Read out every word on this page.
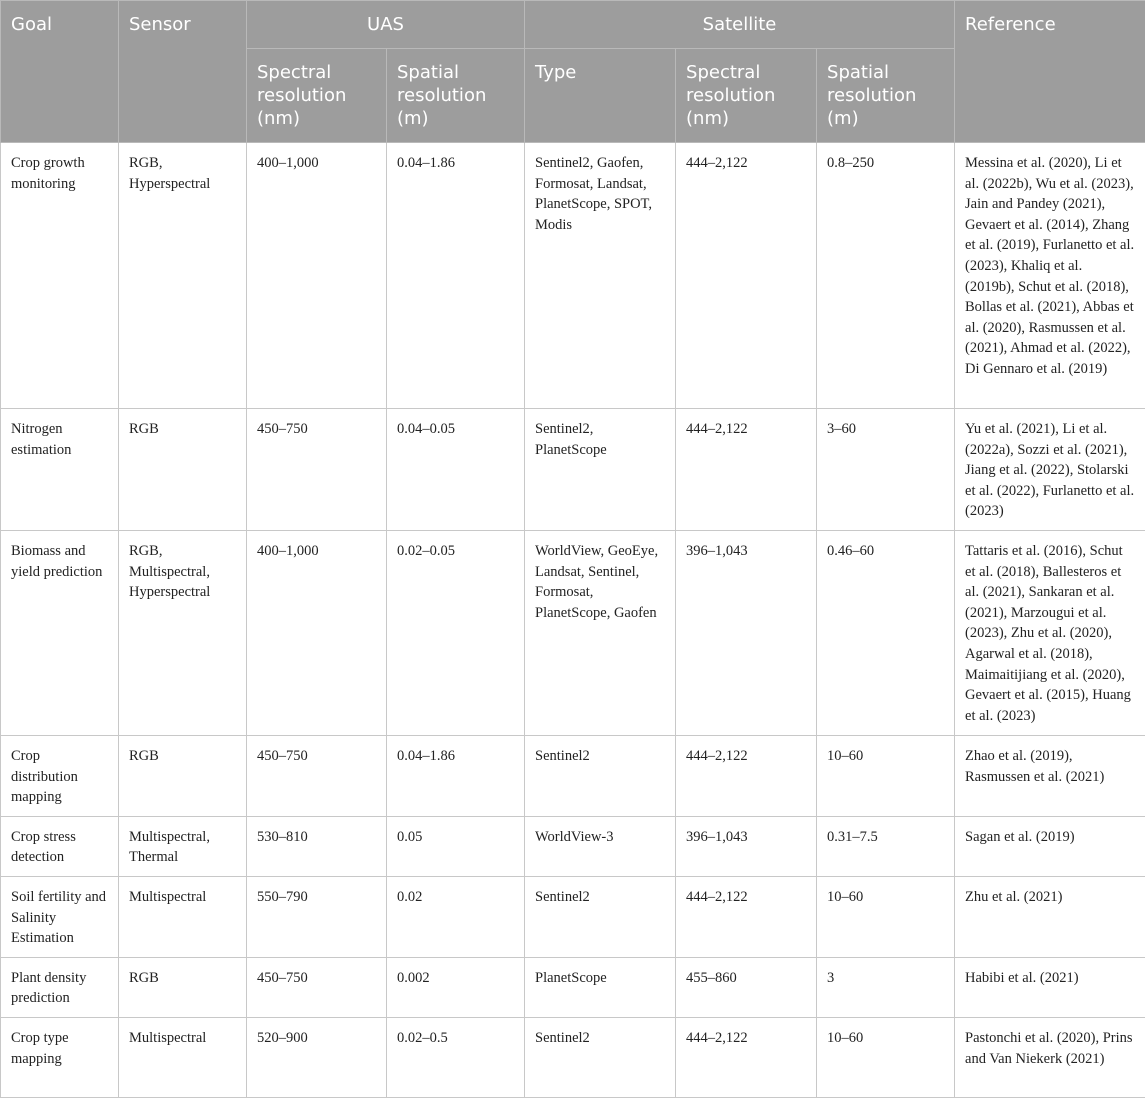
Goal	Sensor	UAS		Satellite			Reference
		Spectral resolution (nm)	Spatial resolution (m)	Type	Spectral resolution (nm)	Spatial resolution (m)	
Crop growth monitoring	RGB, Hyperspectral	400–1,000	0.04–1.86	Sentinel2, Gaofen, Formosat, Landsat, PlanetScope, SPOT, Modis	444–2,122	0.8–250	Messina et al. (2020), Li et al. (2022b), Wu et al. (2023), Jain and Pandey (2021), Gevaert et al. (2014), Zhang et al. (2019), Furlanetto et al. (2023), Khaliq et al. (2019b), Schut et al. (2018), Bollas et al. (2021), Abbas et al. (2020), Rasmussen et al. (2021), Ahmad et al. (2022), Di Gennaro et al. (2019)
Nitrogen estimation	RGB	450–750	0.04–0.05	Sentinel2, PlanetScope	444–2,122	3–60	Yu et al. (2021), Li et al. (2022a), Sozzi et al. (2021), Jiang et al. (2022), Stolarski et al. (2022), Furlanetto et al. (2023)
Biomass and yield prediction	RGB, Multispectral, Hyperspectral	400–1,000	0.02–0.05	WorldView, GeoEye, Landsat, Sentinel, Formosat, PlanetScope, Gaofen	396–1,043	0.46–60	Tattaris et al. (2016), Schut et al. (2018), Ballesteros et al. (2021), Sankaran et al. (2021), Marzougui et al. (2023), Zhu et al. (2020), Agarwal et al. (2018), Maimaitijiang et al. (2020), Gevaert et al. (2015), Huang et al. (2023)
Crop distribution mapping	RGB	450–750	0.04–1.86	Sentinel2	444–2,122	10–60	Zhao et al. (2019), Rasmussen et al. (2021)
Crop stress detection	Multispectral, Thermal	530–810	0.05	WorldView-3	396–1,043	0.31–7.5	Sagan et al. (2019)
Soil fertility and Salinity Estimation	Multispectral	550–790	0.02	Sentinel2	444–2,122	10–60	Zhu et al. (2021)
Plant density prediction	RGB	450–750	0.002	PlanetScope	455–860	3	Habibi et al. (2021)
Crop type mapping	Multispectral	520–900	0.02–0.5	Sentinel2	444–2,122	10–60	Pastonchi et al. (2020), Prins and Van Niekerk (2021)
